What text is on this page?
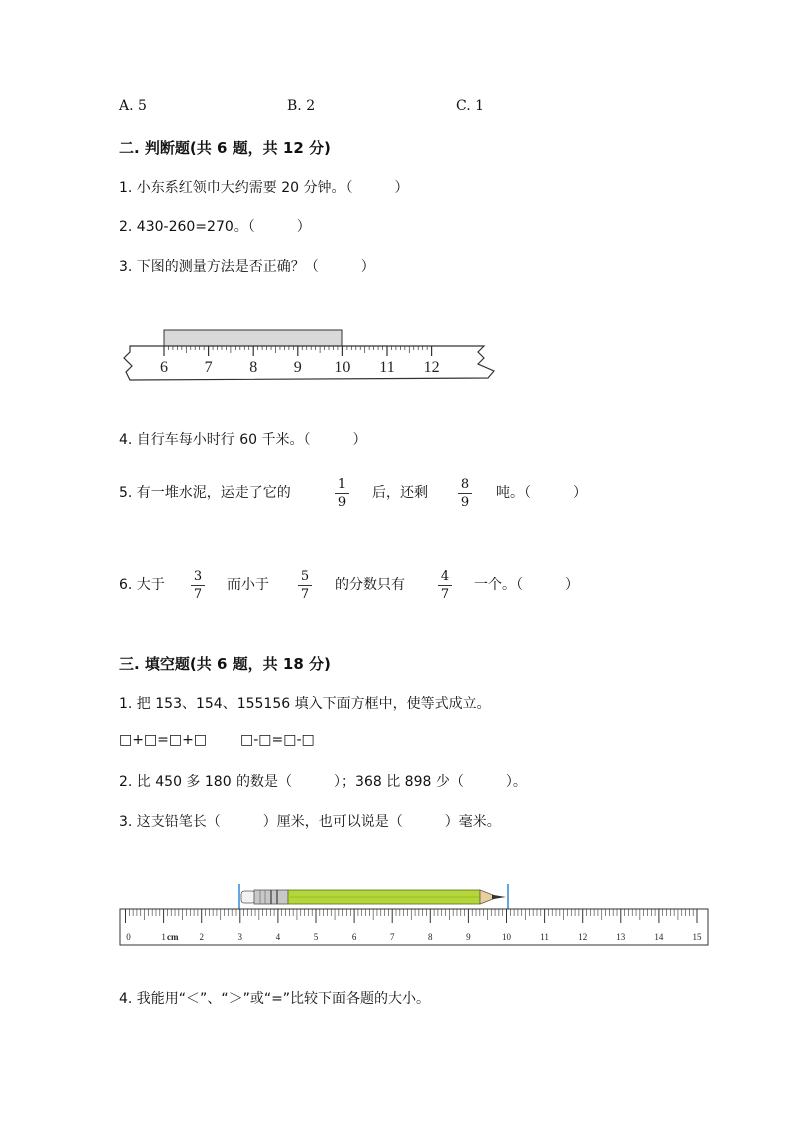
A. 5	B. 2	C. 1
二. 判断题(共 6 题，共 12 分)
1. 小东系红领巾大约需要 20 分钟。（　　　）
2. 430-260=270。（　　　）
3. 下图的测量方法是否正确？（　　　）
6 7 8 9 10 11 12
4. 自行车每小时行 60 千米。（　　　）
5. 有一堆水泥，运走了它的
1
9
后，还剩
8
9
吨。（　　　）
6. 大于
3
7
而小于
5
7
的分数只有
4
7
一个。（　　　）
三. 填空题(共 6 题，共 18 分)
1. 把 153、154、155156 填入下面方框中，使等式成立。
□+□=□+□ □-□=□-□
2. 比 450 多 180 的数是（　　　）；368 比 898 少（　　　）。
3. 这支铅笔长（　　　）厘米，也可以说是（　　　）毫米。
0	1	2	3	4	5	6	7	8	9	10	11	12	13	14	15
cm
4. 我能用“＜”、“＞”或“=”比较下面各题的大小。
